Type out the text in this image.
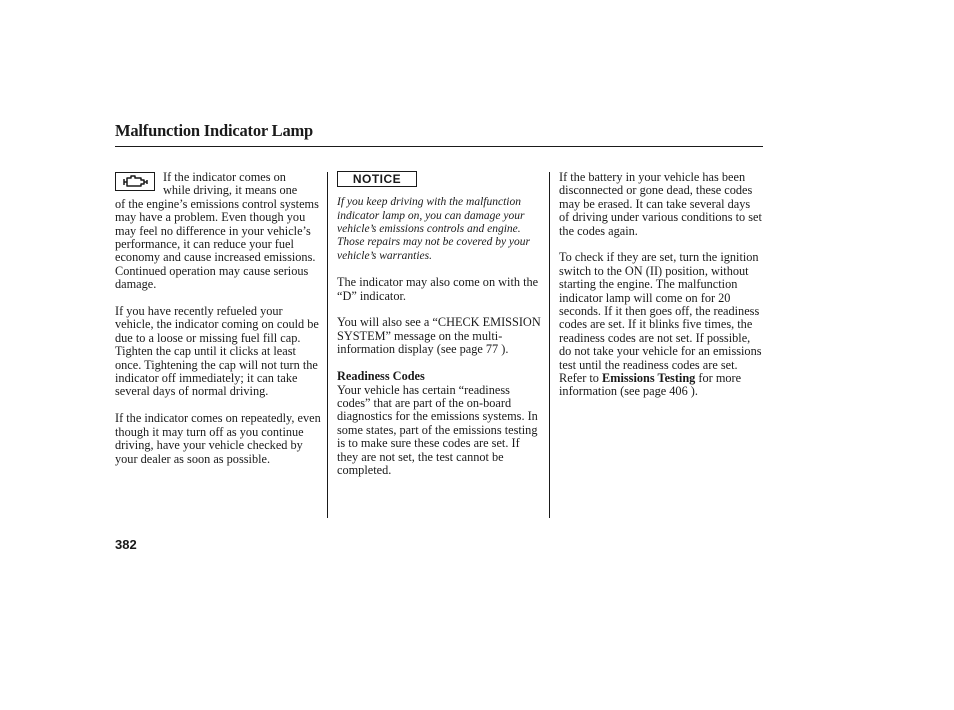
Malfunction Indicator Lamp

If the indicator comes on
while driving, it means one
of the engine’s emissions control systems may have a problem. Even though you may feel no difference in your vehicle’s performance, it can reduce your fuel economy and cause increased emissions. Continued operation may cause serious damage.

If you have recently refueled your vehicle, the indicator coming on could be due to a loose or missing fuel fill cap. Tighten the cap until it clicks at least once. Tightening the cap will not turn the indicator off immediately; it can take several days of normal driving.

If the indicator comes on repeatedly, even though it may turn off as you continue driving, have your vehicle checked by your dealer as soon as possible.

NOTICE

If you keep driving with the malfunction indicator lamp on, you can damage your vehicle’s emissions controls and engine. Those repairs may not be covered by your vehicle’s warranties.

The indicator may also come on with the “D” indicator.

You will also see a “CHECK EMISSION SYSTEM” message on the multi-information display (see page 77 ).

Readiness Codes

Your vehicle has certain “readiness codes” that are part of the on-board diagnostics for the emissions systems. In some states, part of the emissions testing is to make sure these codes are set. If they are not set, the test cannot be completed.

If the battery in your vehicle has been disconnected or gone dead, these codes may be erased. It can take several days of driving under various conditions to set the codes again.

To check if they are set, turn the ignition switch to the ON (II) position, without starting the engine. The malfunction indicator lamp will come on for 20 seconds. If it then goes off, the readiness codes are set. If it blinks five times, the readiness codes are not set. If possible, do not take your vehicle for an emissions test until the readiness codes are set. Refer to Emissions Testing for more information (see page 406 ).

382
